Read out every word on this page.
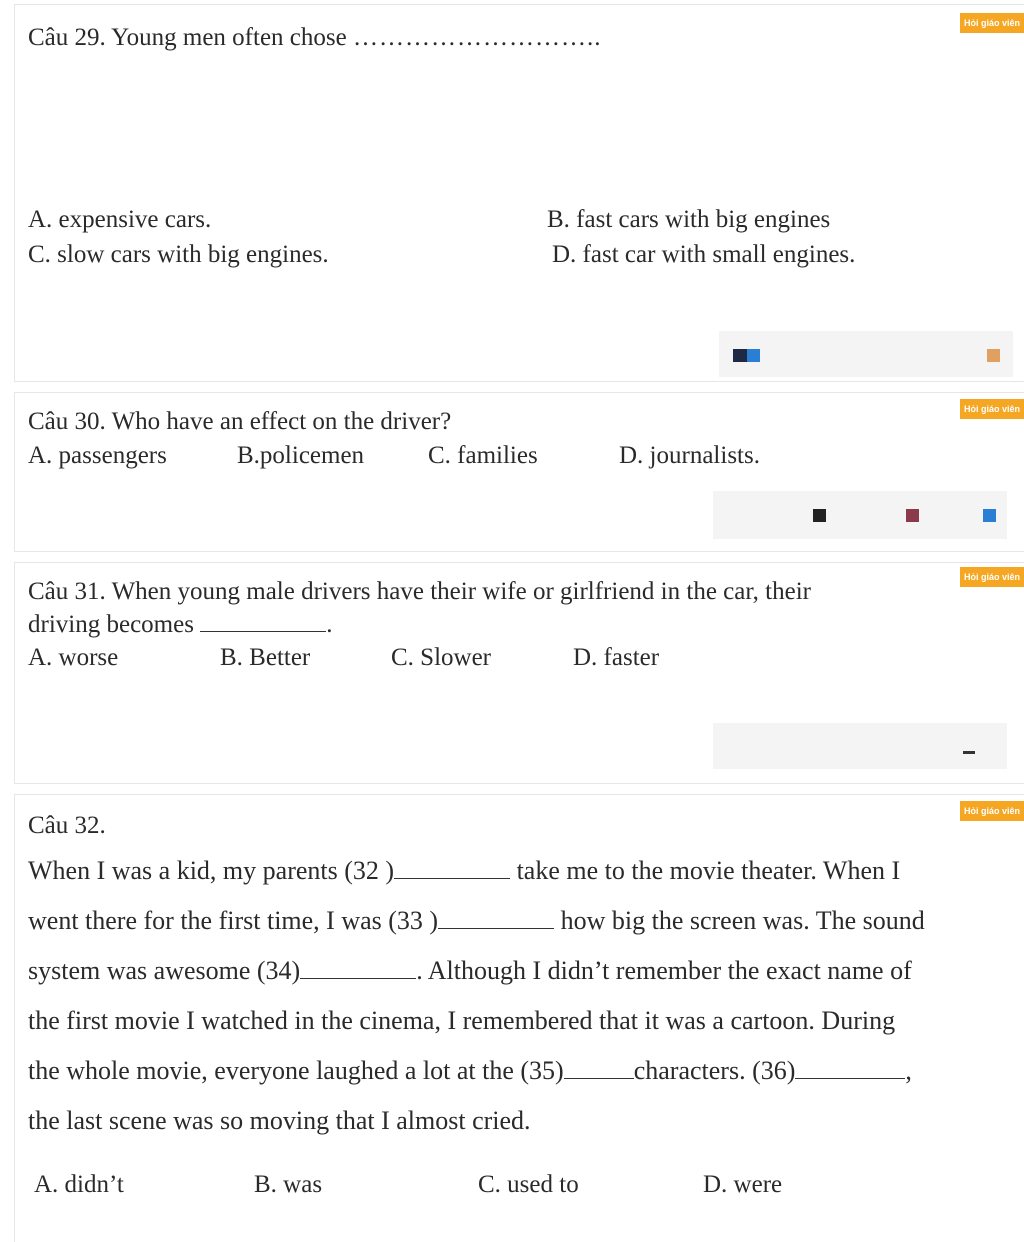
Hỏi giáo viên
Câu 29. Young men often chose ………………………..
A. expensive cars.	B. fast cars with big engines
C. slow cars with big engines.	D. fast car with small engines.
Hỏi giáo viên
Câu 30. Who have an effect on the driver?
A. passengers	B.policemen	C. families	D. journalists.
Câu 31. When young male drivers have their wife or girlfriend in the car, their
Hỏi giáo viên
driving becomes	.
A. worse	B. Better	C. Slower	D. faster
Hỏi giáo viên
Câu 32.
When I was a kid, my parents (32 )	take me to the movie theater. When I
went there for the first time, I was (33 )	how big the screen was. The sound
system was awesome (34)	. Although I didn’t remember the exact name of
the first movie I watched in the cinema, I remembered that it was a cartoon. During
the whole movie, everyone laughed a lot at the (35)	characters. (36)	,
the last scene was so moving that I almost cried.
A. didn’t	B. was	C. used to	D. were
